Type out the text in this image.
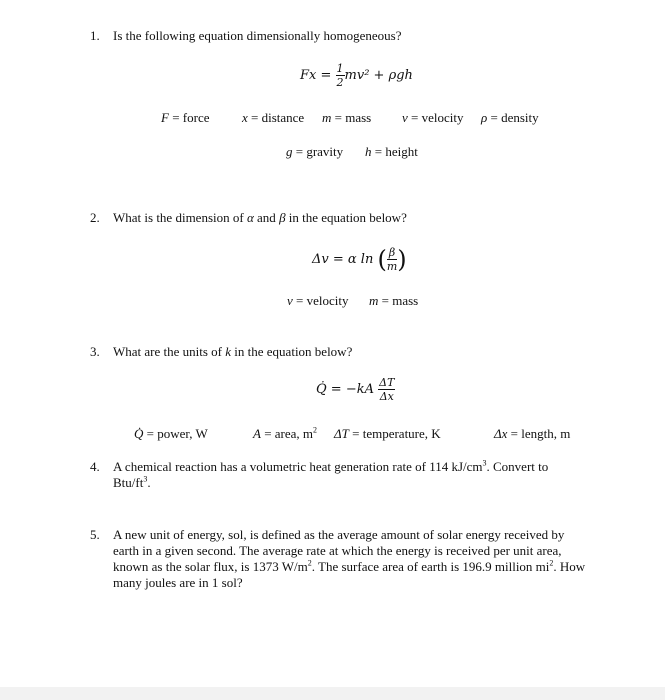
1. Is the following equation dimensionally homogeneous?
$Fx = \frac{1}{2} mv^2 + \rho gh$
F = force	x = distance m = mass v = velocity ρ = density
g = gravity h = height
2. What is the dimension of α and β in the equation below?
Δv = α ln ( $\frac{\beta}{m}$ )
v = velocity m = mass
3. What are the units of k in the equation below?
Q̇ = $-kA \frac{\Delta T}{\Delta x}$
Q̇ = power, W	A = area, $m^2$ ΔT = temperature, K	Δx = length, m
4. A chemical reaction has a volumetric heat generation rate of 114 $kJ/cm^3$. Convert to Btu/$ft^3$.
5. A new unit of energy, sol, is defined as the average amount of solar energy received by earth in a given second. The average rate at which the energy is received per unit area, known as the solar flux, is 1373 $W/m^2$. The surface area of earth is 196.9 million $mi^2$. How many joules are in 1 sol?
